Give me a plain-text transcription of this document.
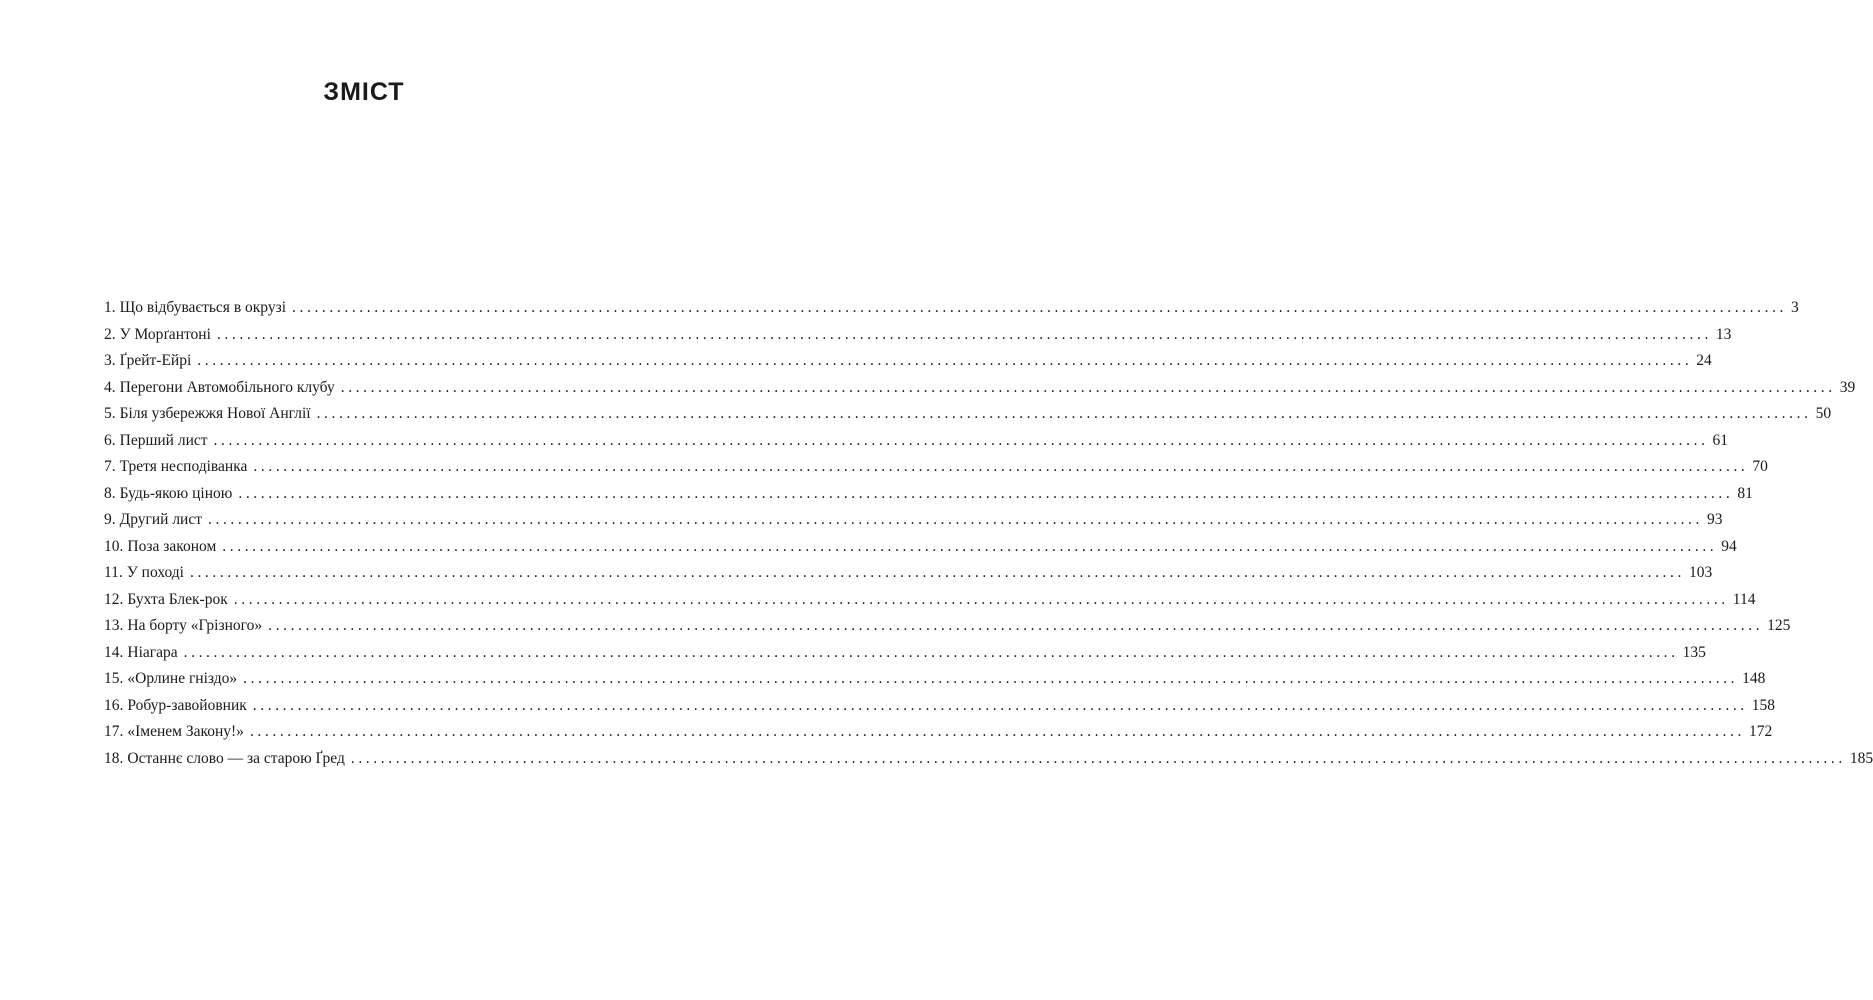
ЗМІСТ
1. Що відбувається в окрузі ........................................................................................................................................................................................................ 3
2. У Морґантоні ........................................................................................................................................................................................................ 13
3. Ґрейт-Ейрі ........................................................................................................................................................................................................ 24
4. Перегони Автомобільного клубу ........................................................................................................................................................................................................ 39
5. Біля узбережжя Нової Англії ........................................................................................................................................................................................................ 50
6. Перший лист ........................................................................................................................................................................................................ 61
7. Третя несподіванка ........................................................................................................................................................................................................ 70
8. Будь-якою ціною ........................................................................................................................................................................................................ 81
9. Другий лист ........................................................................................................................................................................................................ 93
10. Поза законом ........................................................................................................................................................................................................ 94
11. У поході ........................................................................................................................................................................................................ 103
12. Бухта Блек-рок ........................................................................................................................................................................................................ 114
13. На борту «Грізного» ........................................................................................................................................................................................................ 125
14. Ніагара ........................................................................................................................................................................................................ 135
15. «Орлине гніздо» ........................................................................................................................................................................................................ 148
16. Робур-завойовник ........................................................................................................................................................................................................ 158
17. «Іменем Закону!» ........................................................................................................................................................................................................ 172
18. Останнє слово — за старою Ґред ........................................................................................................................................................................................................ 185
